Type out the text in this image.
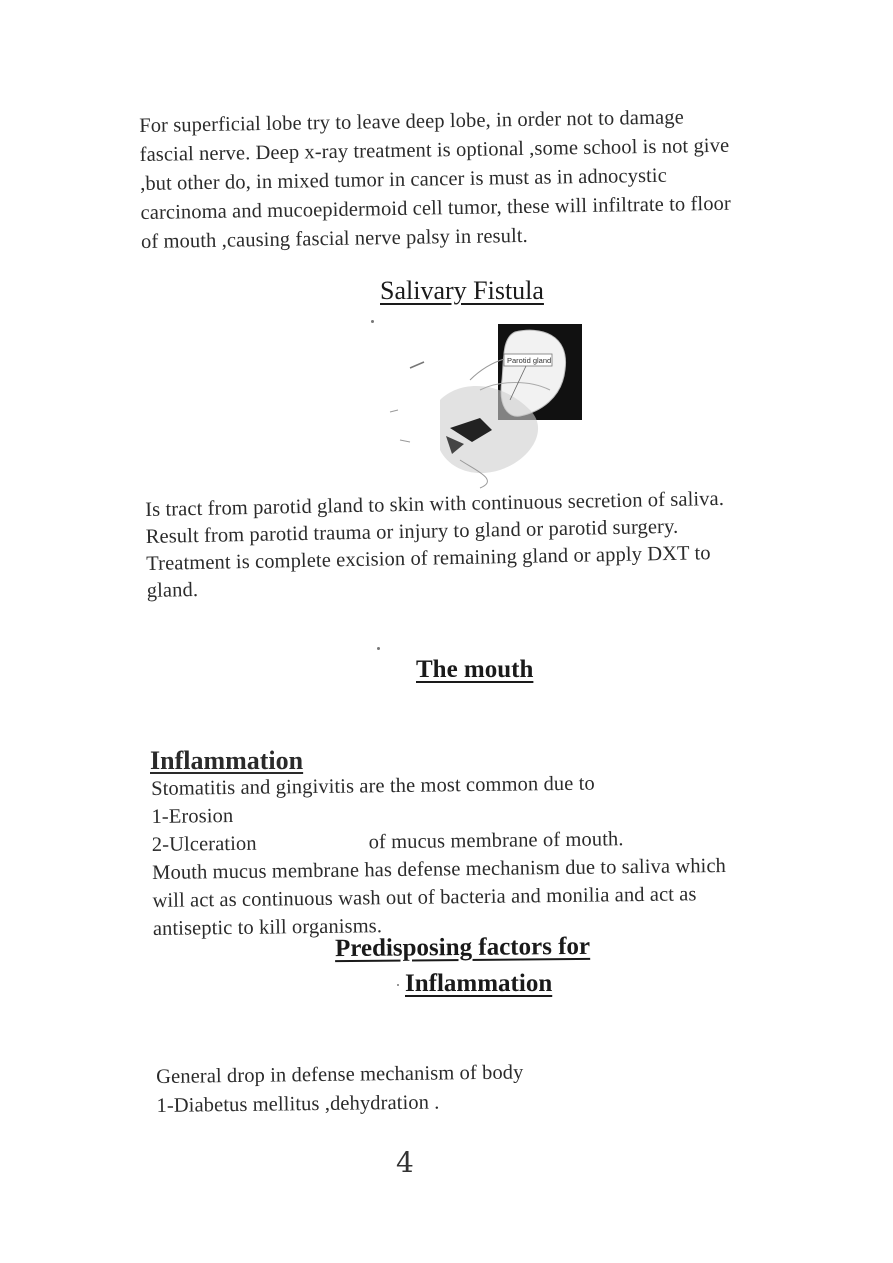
For superficial lobe try to leave deep lobe, in order not to damage
fascial nerve. Deep x-ray treatment is optional ,some school is not give
,but other do, in mixed tumor in cancer is must as in adnocystic
carcinoma and mucoepidermoid cell tumor, these will infiltrate to floor
of mouth ,causing fascial nerve palsy in result.
Salivary Fistula
Parotid gland
Is tract from parotid gland to skin with continuous secretion of saliva.
Result from parotid trauma or injury to gland or parotid surgery.
Treatment is complete excision of remaining gland or apply DXT to
gland.
The mouth
Inflammation
Stomatitis and gingivitis are the most common due to
1-Erosion
2-Ulceration	of mucus membrane of mouth.
Mouth mucus membrane has defense mechanism due to saliva which
will act as continuous wash out of bacteria and monilia and act as
antiseptic to kill organisms.
Predisposing factors for
Inflammation
General drop in defense mechanism of body
1-Diabetus mellitus ,dehydration .
4
